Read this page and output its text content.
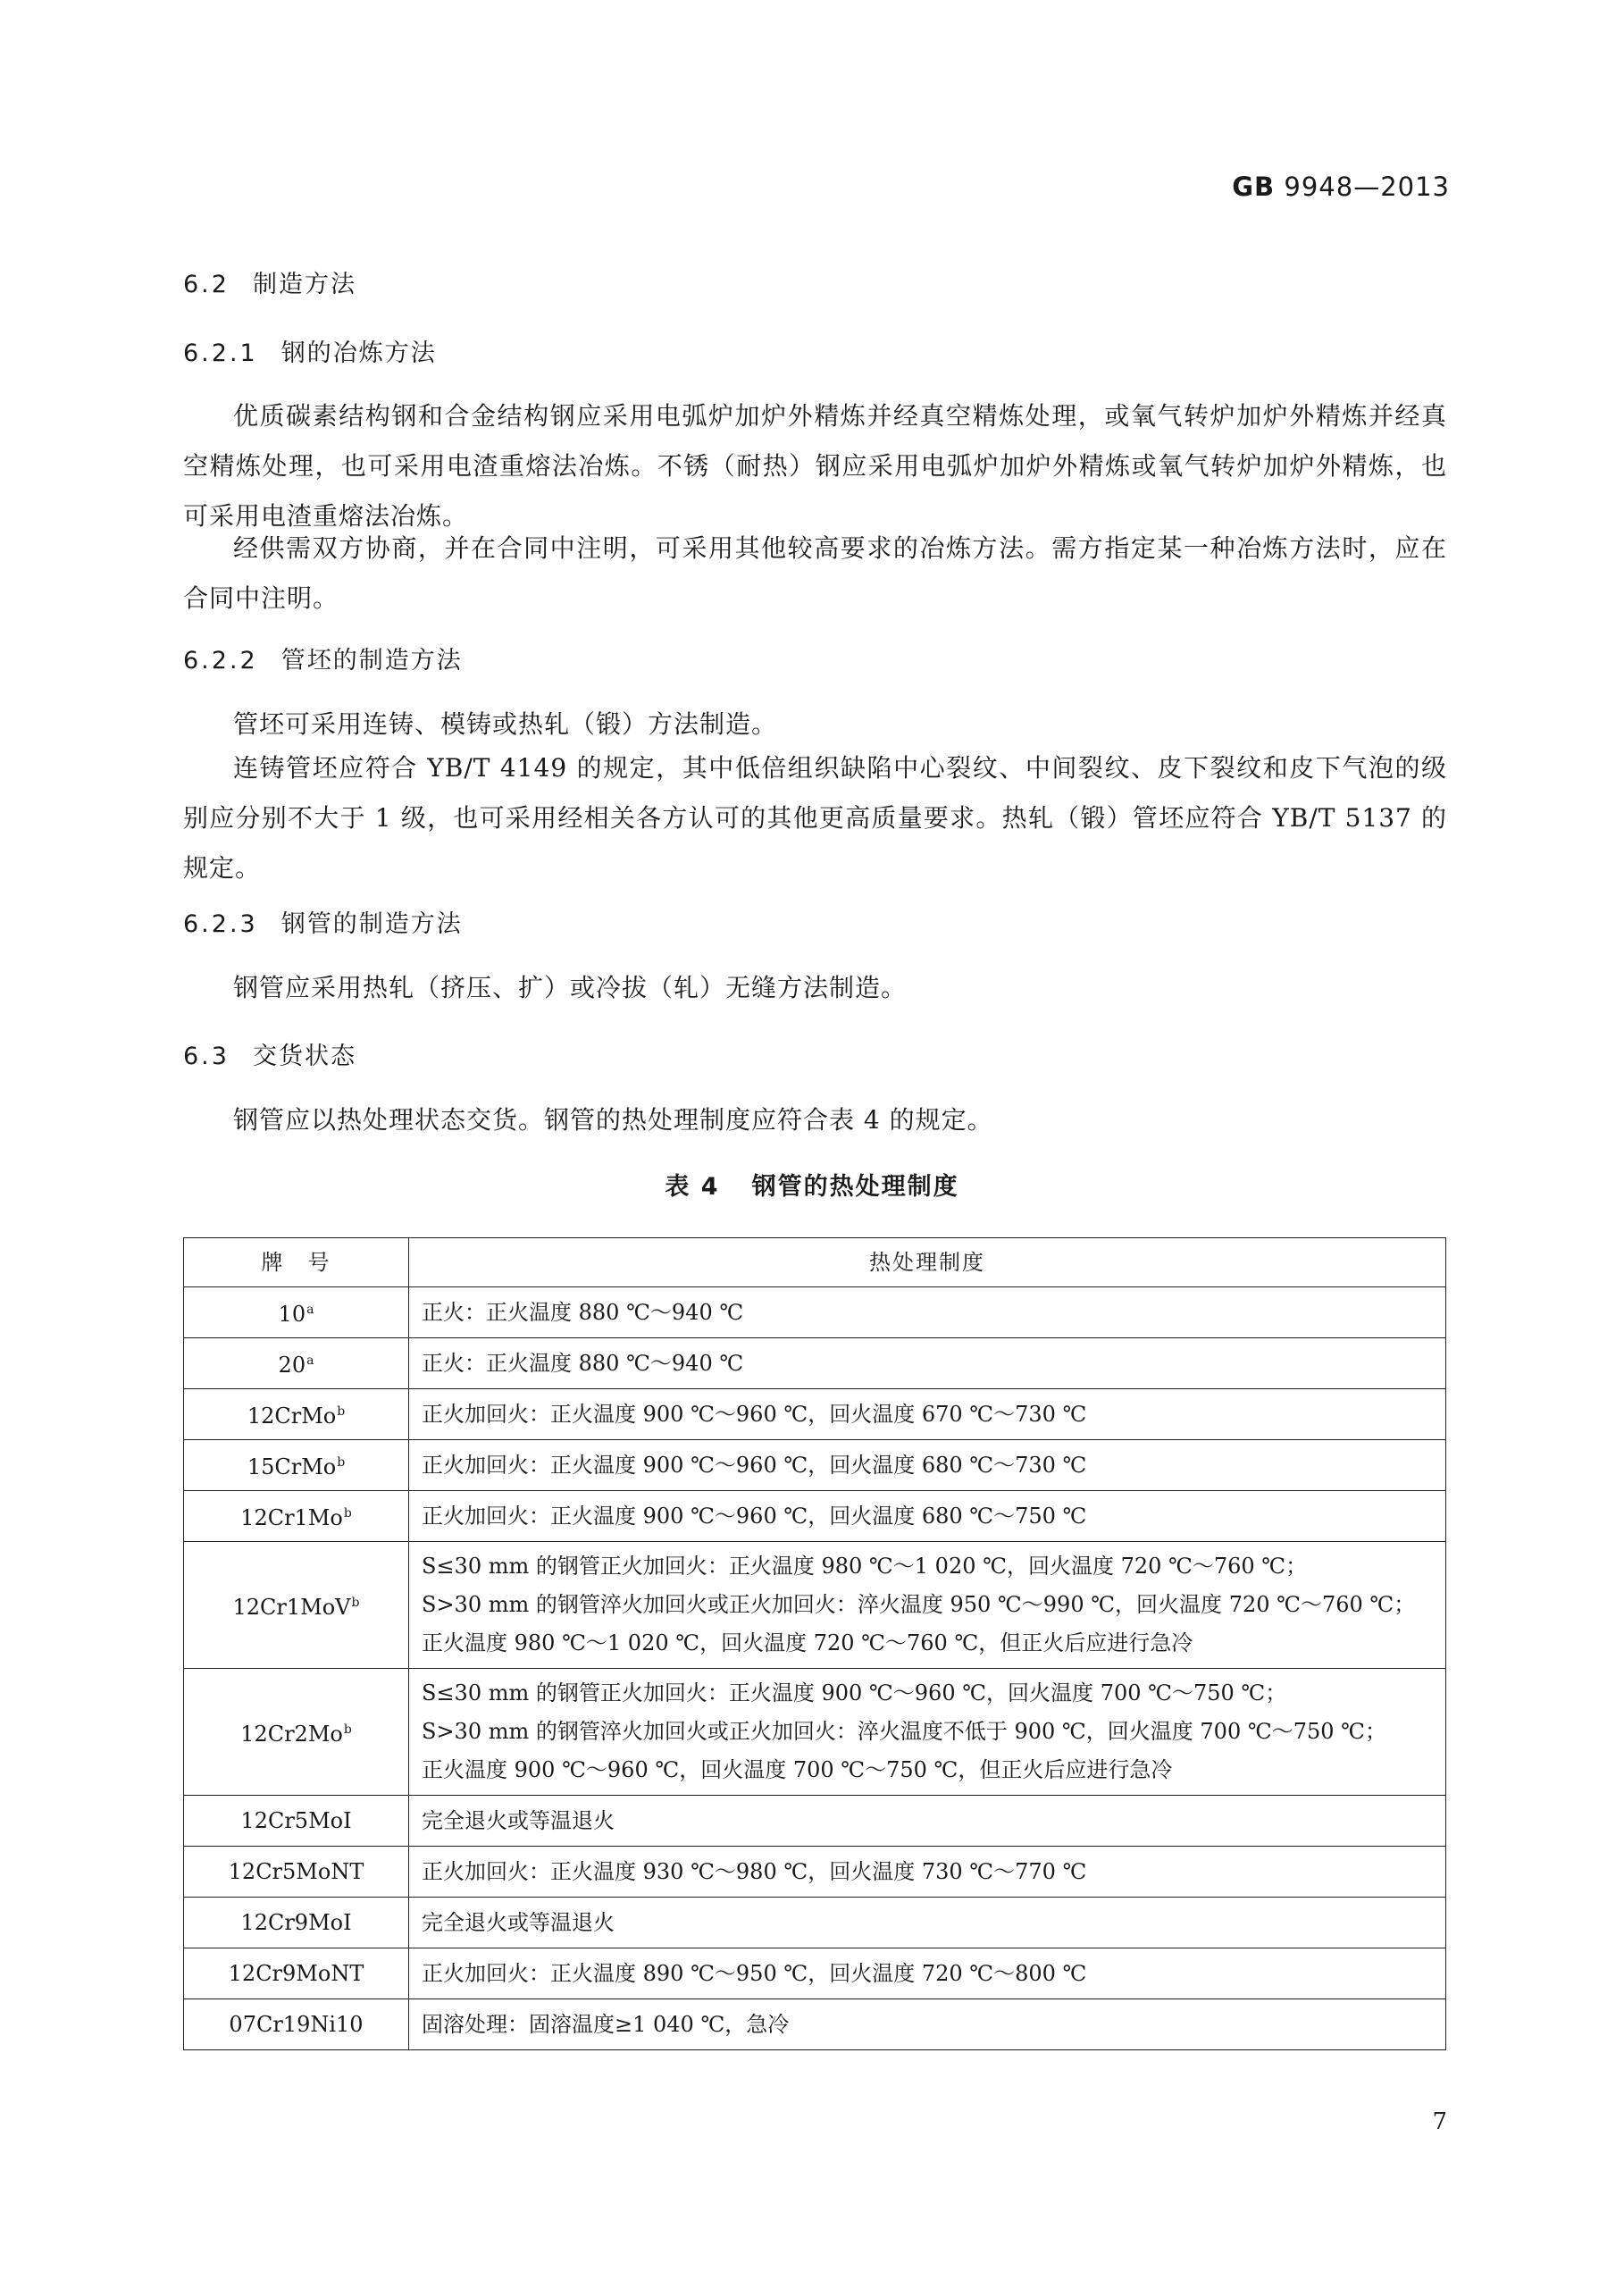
GB 9948—2013
6.2 制造方法
6.2.1 钢的冶炼方法
优质碳素结构钢和合金结构钢应采用电弧炉加炉外精炼并经真空精炼处理，或氧气转炉加炉外精炼并经真空精炼处理，也可采用电渣重熔法冶炼。不锈（耐热）钢应采用电弧炉加炉外精炼或氧气转炉加炉外精炼，也可采用电渣重熔法冶炼。
经供需双方协商，并在合同中注明，可采用其他较高要求的冶炼方法。需方指定某一种冶炼方法时，应在合同中注明。
6.2.2 管坯的制造方法
管坯可采用连铸、模铸或热轧（锻）方法制造。
连铸管坯应符合 YB/T 4149 的规定，其中低倍组织缺陷中心裂纹、中间裂纹、皮下裂纹和皮下气泡的级别应分别不大于 1 级，也可采用经相关各方认可的其他更高质量要求。热轧（锻）管坯应符合 YB/T 5137 的规定。
6.2.3 钢管的制造方法
钢管应采用热轧（挤压、扩）或冷拔（轧）无缝方法制造。
6.3 交货状态
钢管应以热处理状态交货。钢管的热处理制度应符合表 4 的规定。
表 4 钢管的热处理制度
牌　号	热处理制度
10$^a$	正火：正火温度 880 ℃～940 ℃

20$^a$	正火：正火温度 880 ℃～940 ℃

12CrMo$^b$	正火加回火：正火温度 900 ℃～960 ℃，回火温度 670 ℃～730 ℃

15CrMo$^b$	正火加回火：正火温度 900 ℃～960 ℃，回火温度 680 ℃～730 ℃

12Cr1Mo$^b$	正火加回火：正火温度 900 ℃～960 ℃，回火温度 680 ℃～750 ℃

12Cr1MoV$^b$	S≤30 mm 的钢管正火加回火：正火温度 980 ℃～1 020 ℃，回火温度 720 ℃～760 ℃；
S>30 mm 的钢管淬火加回火或正火加回火：淬火温度 950 ℃～990 ℃，回火温度 720 ℃～760 ℃；
正火温度 980 ℃～1 020 ℃，回火温度 720 ℃～760 ℃，但正火后应进行急冷

12Cr2Mo$^b$	S≤30 mm 的钢管正火加回火：正火温度 900 ℃～960 ℃，回火温度 700 ℃～750 ℃；
S>30 mm 的钢管淬火加回火或正火加回火：淬火温度不低于 900 ℃，回火温度 700 ℃～750 ℃；
正火温度 900 ℃～960 ℃，回火温度 700 ℃～750 ℃，但正火后应进行急冷

12Cr5MoI	完全退火或等温退火

12Cr5MoNT	正火加回火：正火温度 930 ℃～980 ℃，回火温度 730 ℃～770 ℃

12Cr9MoI	完全退火或等温退火

12Cr9MoNT	正火加回火：正火温度 890 ℃～950 ℃，回火温度 720 ℃～800 ℃

07Cr19Ni10	固溶处理：固溶温度≥1 040 ℃，急冷
7
